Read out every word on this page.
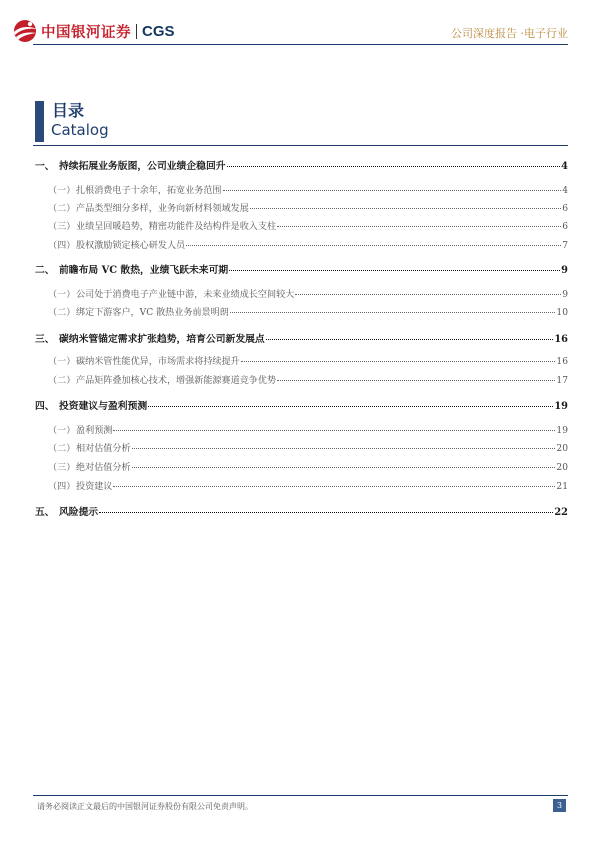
中国银河证券 CGS	公司深度报告 ·电子行业
目录
Catalog
一、 持续拓展业务版图，公司业绩企稳回升	4
（一） 扎根消费电子十余年，拓宽业务范围	4
（二） 产品类型细分多样，业务向新材料领域发展	6
（三） 业绩呈回暖趋势，精密功能件及结构件是收入支柱	6
（四） 股权激励锁定核心研发人员	7
二、 前瞻布局 VC 散热，业绩飞跃未来可期	9
（一） 公司处于消费电子产业链中游，未来业绩成长空间较大	9
（二） 绑定下游客户，VC 散热业务前景明朗	10
三、 碳纳米管锚定需求扩张趋势，培育公司新发展点	16
（一） 碳纳米管性能优异，市场需求将持续提升	16
（二） 产品矩阵叠加核心技术，增强新能源赛道竞争优势	17
四、 投资建议与盈利预测	19
（一） 盈利预测	19
（二） 相对估值分析	20
（三） 绝对估值分析	20
（四） 投资建议	21
五、 风险提示	22
请务必阅读正文最后的中国银河证券股份有限公司免责声明。	3
